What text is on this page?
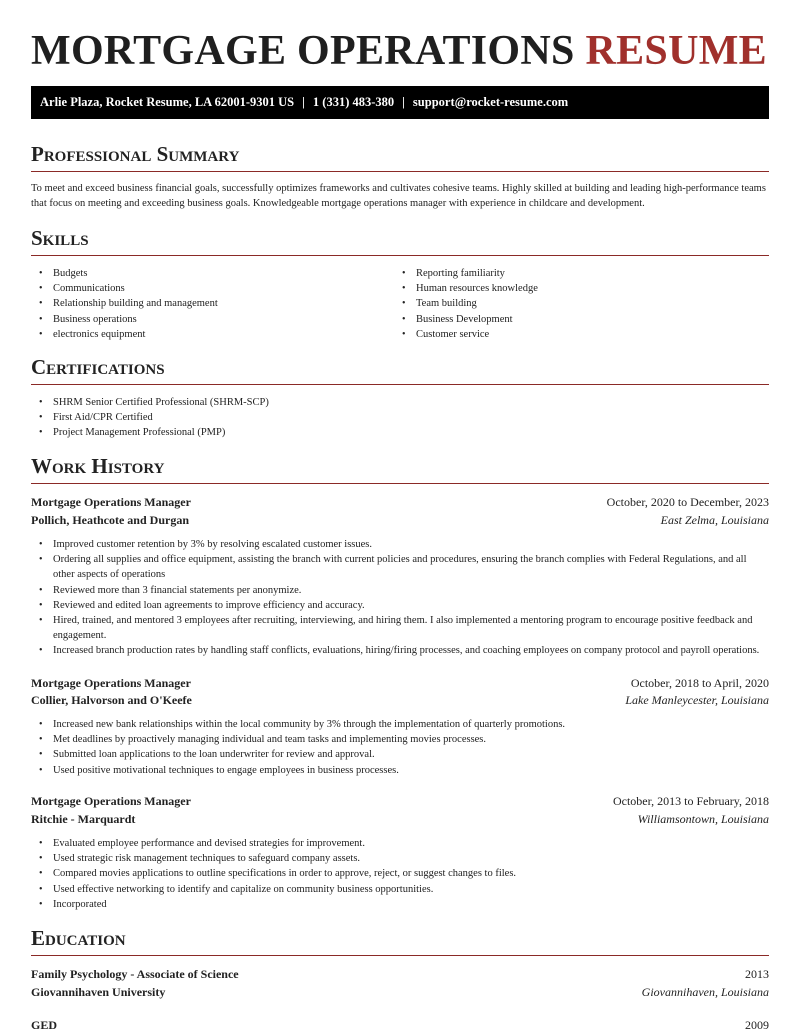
MORTGAGE OPERATIONS RESUME
Arlie Plaza, Rocket Resume, LA 62001-9301 US | 1 (331) 483-380 | support@rocket-resume.com
Professional Summary

To meet and exceed business financial goals, successfully optimizes frameworks and cultivates cohesive teams. Highly skilled at building and leading high-performance teams that focus on meeting and exceeding business goals. Knowledgeable mortgage operations manager with experience in childcare and development.

Skills
• Budgets
• Communications
• Relationship building and management
• Business operations
• electronics equipment
• Reporting familiarity
• Human resources knowledge
• Team building
• Business Development
• Customer service
Certifications
• SHRM Senior Certified Professional (SHRM-SCP)
• First Aid/CPR Certified
• Project Management Professional (PMP)
Work History
Mortgage Operations Manager	October, 2020 to December, 2023
Pollich, Heathcote and Durgan	East Zelma, Louisiana
• Improved customer retention by 3% by resolving escalated customer issues.
• Ordering all supplies and office equipment, assisting the branch with current policies and procedures, ensuring the branch complies with Federal Regulations, and all other aspects of operations
• Reviewed more than 3 financial statements per anonymize.
• Reviewed and edited loan agreements to improve efficiency and accuracy.
• Hired, trained, and mentored 3 employees after recruiting, interviewing, and hiring them. I also implemented a mentoring program to encourage positive feedback and engagement.
• Increased branch production rates by handling staff conflicts, evaluations, hiring/firing processes, and coaching employees on company protocol and payroll operations.
Mortgage Operations Manager	October, 2018 to April, 2020
Collier, Halvorson and O'Keefe	Lake Manleycester, Louisiana
• Increased new bank relationships within the local community by 3% through the implementation of quarterly promotions.
• Met deadlines by proactively managing individual and team tasks and implementing movies processes.
• Submitted loan applications to the loan underwriter for review and approval.
• Used positive motivational techniques to engage employees in business processes.
Mortgage Operations Manager	October, 2013 to February, 2018
Ritchie - Marquardt	Williamsontown, Louisiana
• Evaluated employee performance and devised strategies for improvement.
• Used strategic risk management techniques to safeguard company assets.
• Compared movies applications to outline specifications in order to approve, reject, or suggest changes to files.
• Used effective networking to identify and capitalize on community business opportunities.
• Incorporated
Education
Family Psychology - Associate of Science	2013
Giovannihaven University	Giovannihaven, Louisiana
GED	2009
